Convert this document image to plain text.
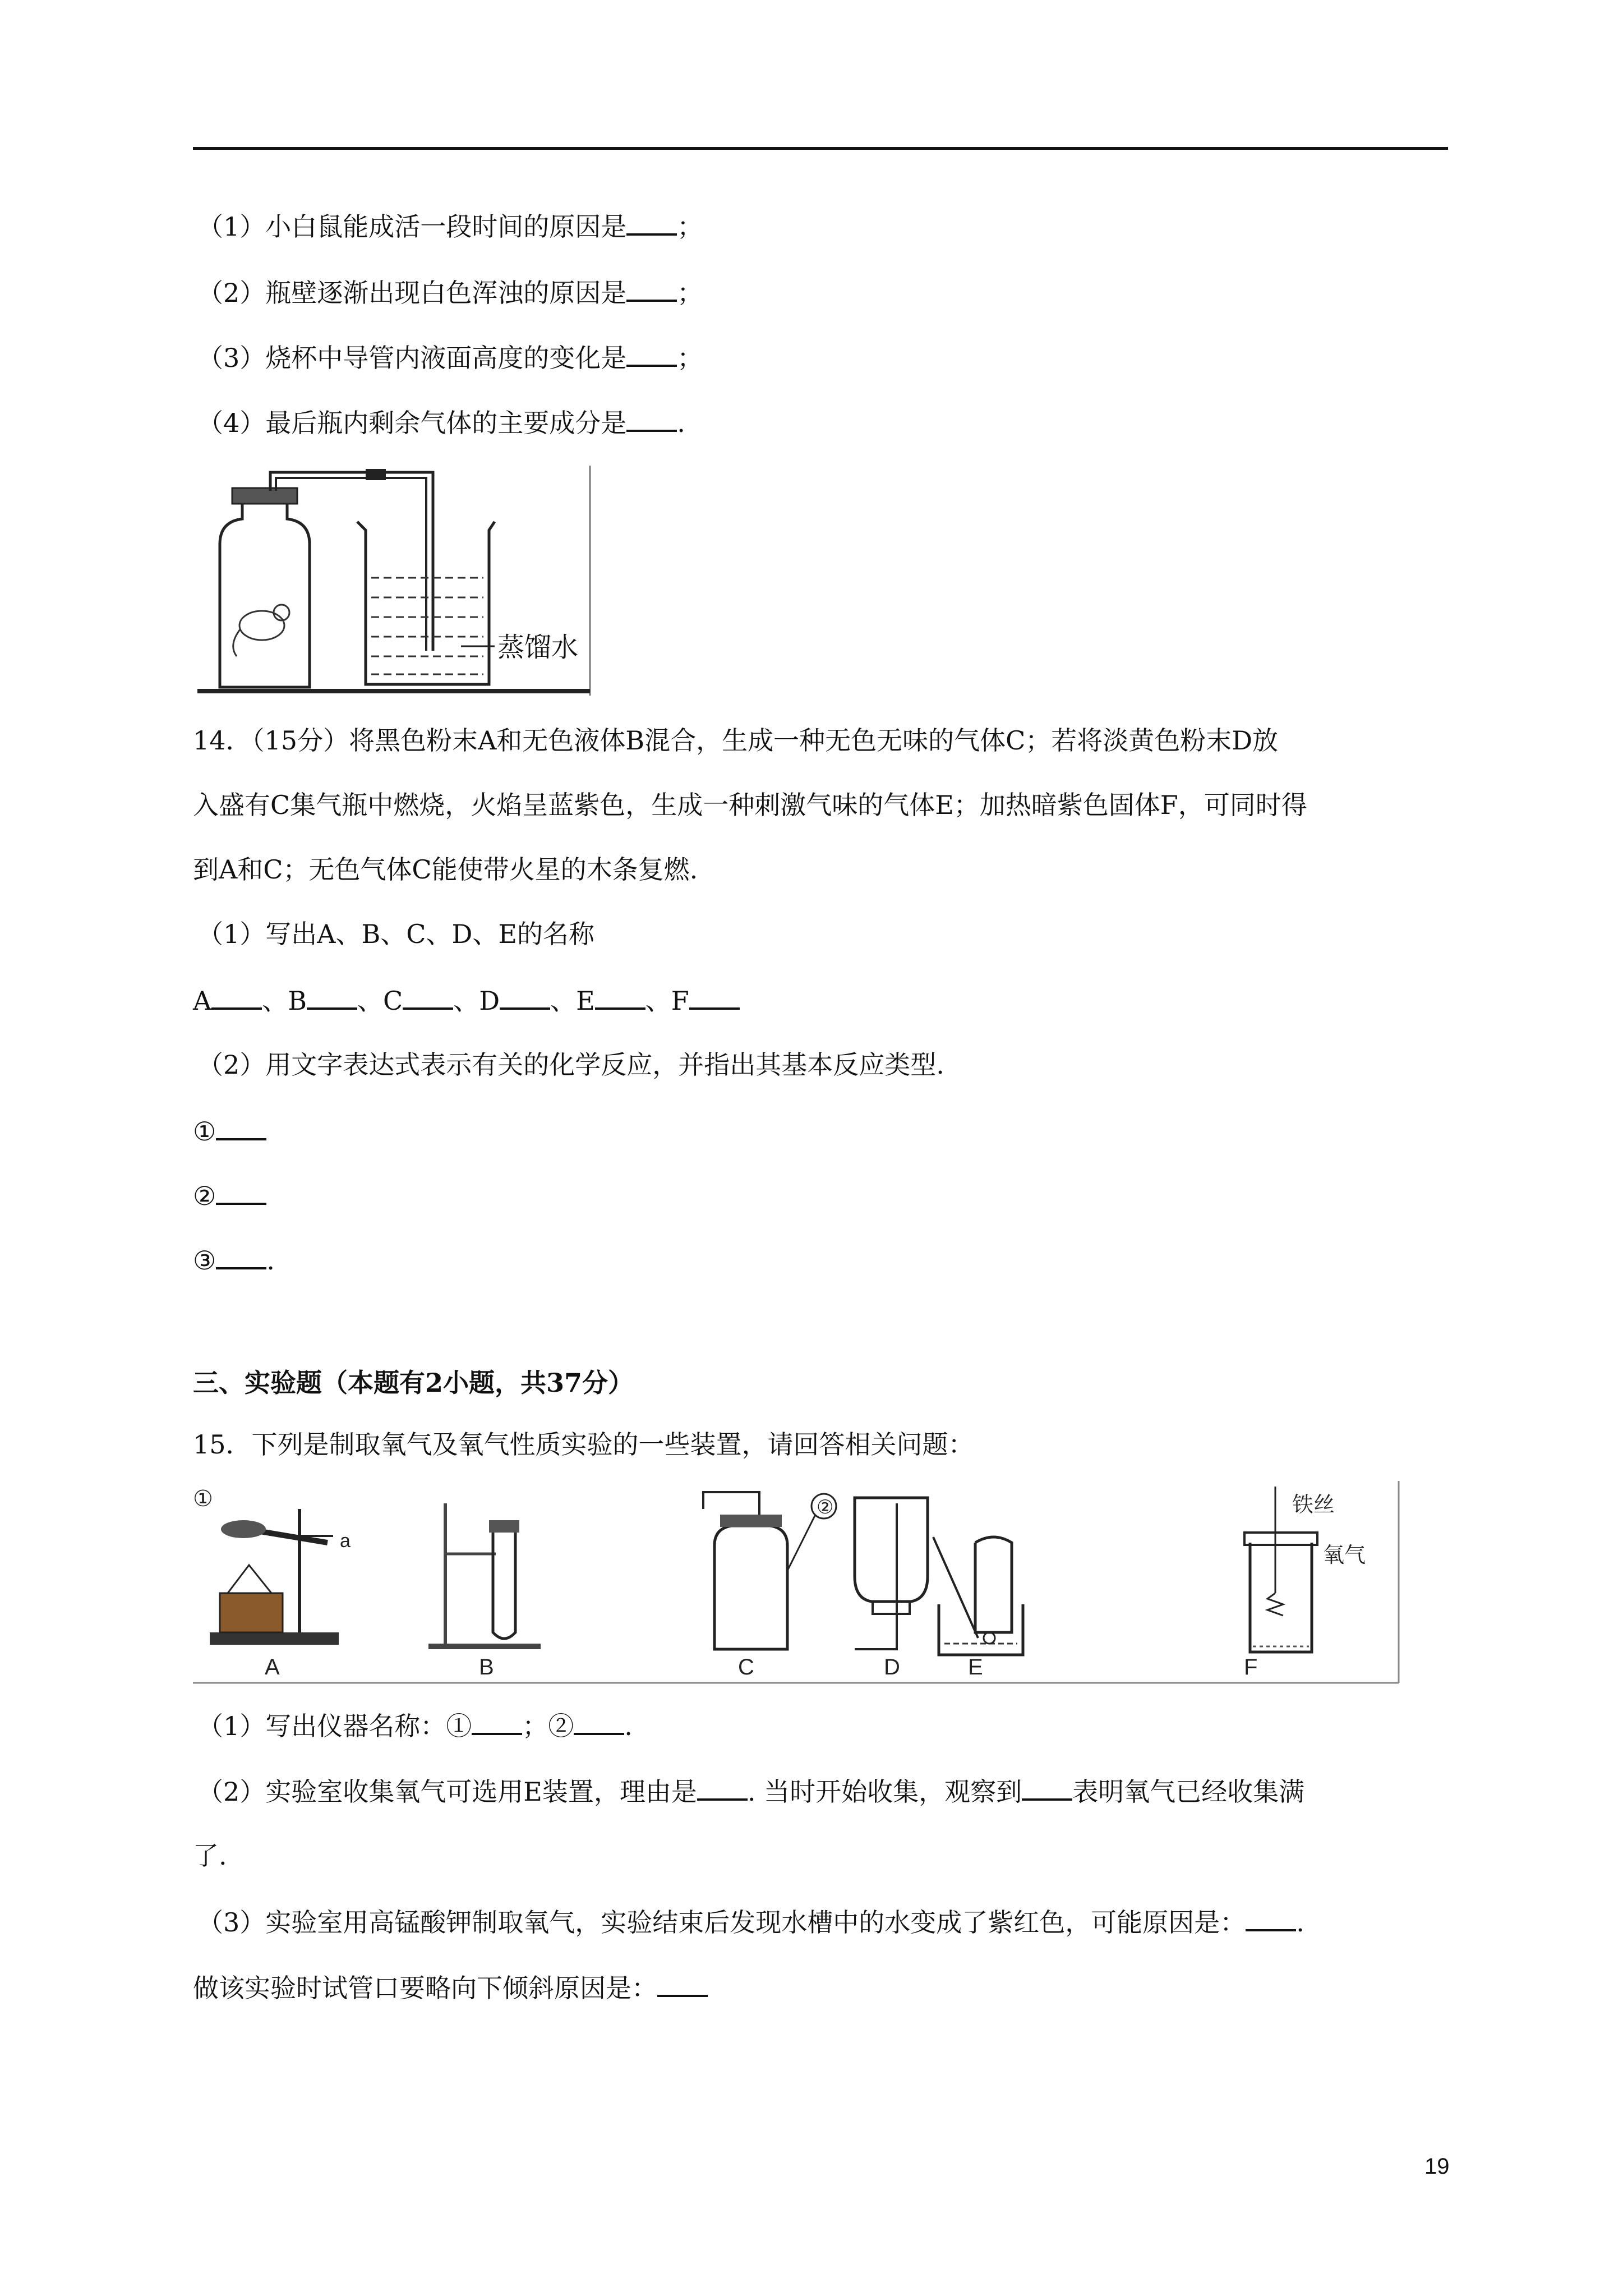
（1）小白鼠能成活一段时间的原因是 ；
（2）瓶壁逐渐出现白色浑浊的原因是 ；
（3）烧杯中导管内液面高度的变化是 ；
（4）最后瓶内剩余气体的主要成分是 .
蒸馏水
14．（15分）将黑色粉末A和无色液体B混合，生成一种无色无味的气体C；若将淡黄色粉末D放
入盛有C集气瓶中燃烧，火焰呈蓝紫色，生成一种刺激气味的气体E；加热暗紫色固体F，可同时得
到A和C；无色气体C能使带火星的木条复燃.
（1）写出A、B、C、D、E的名称
A 、B 、C 、D 、E 、F
（2）用文字表达式表示有关的化学反应，并指出其基本反应类型.
①
②
③ .
三、实验题（本题有2小题，共37分）
15．下列是制取氧气及氧气性质实验的一些装置，请回答相关问题：
①
a
②	铁丝
氧气
A	B	C	D	E	F
（1）写出仪器名称：① ；② .
（2）实验室收集氧气可选用E装置，理由是 . 当时开始收集，观察到 表明氧气已经收集满
了.
（3）实验室用高锰酸钾制取氧气，实验结束后发现水槽中的水变成了紫红色，可能原因是： .
做该实验时试管口要略向下倾斜原因是：
19
